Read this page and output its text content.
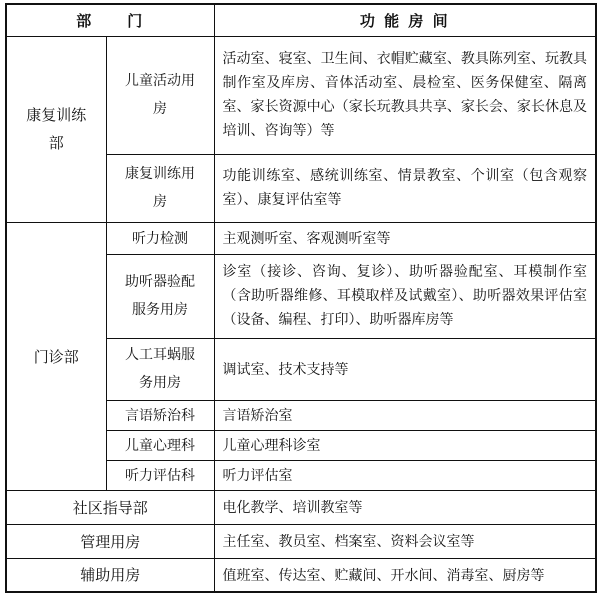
部　　门		功 能 房 间
康复训练部	儿童活动用房	活动室、寝室、卫生间、衣帽贮藏室、教具陈列室、玩教具制作室及库房、音体活动室、晨检室、医务保健室、隔离室、家长资源中心（家长玩教具共享、家长会、家长休息及培训、咨询等）等
	康复训练用房	功能训练室、感统训练室、情景教室、个训室（包含观察室）、康复评估室等
门诊部	听力检测	主观测听室、客观测听室等
	助听器验配服务用房	诊室（接诊、咨询、复诊）、助听器验配室、耳模制作室（含助听器维修、耳模取样及试戴室）、助听器效果评估室（设备、编程、打印）、助听器库房等
	人工耳蜗服务用房	调试室、技术支持等
	言语矫治科	言语矫治室
	儿童心理科	儿童心理科诊室
	听力评估科	听力评估室
社区指导部		电化教学、培训教室等
管理用房		主任室、教员室、档案室、资料会议室等
辅助用房		值班室、传达室、贮藏间、开水间、消毒室、厨房等
